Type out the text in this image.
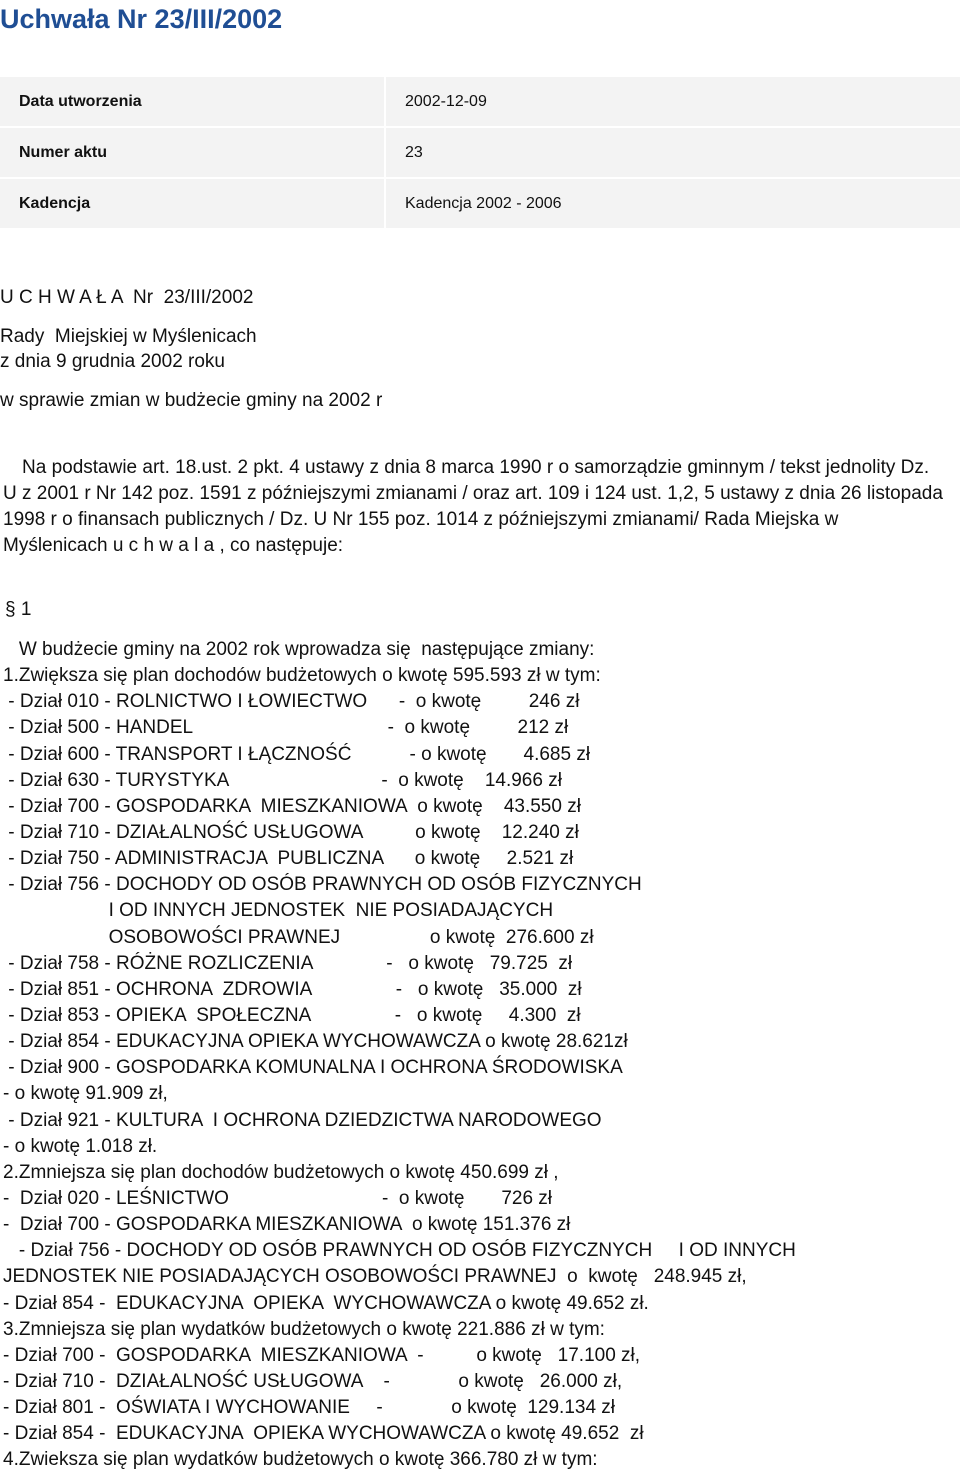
Uchwała Nr 23/III/2002
Data utworzenia	2002-12-09
Numer aktu	23
Kadencja	Kadencja 2002 - 2006
U C H W A Ł A  Nr  23/III/2002
Rady  Miejskiej w Myślenicach
z dnia 9 grudnia 2002 roku
w sprawie zmian w budżecie gminy na 2002 r
Na podstawie art. 18.ust. 2 pkt. 4 ustawy z dnia 8 marca 1990 r o samorządzie gminnym / tekst jednolity Dz. U z 2001 r Nr 142 poz. 1591 z późniejszymi zmianami / oraz art. 109 i 124 ust. 1,2, 5 ustawy z dnia 26 listopada 1998 r o finansach publicznych / Dz. U Nr 155 poz. 1014 z późniejszymi zmianami/ Rada Miejska w Myślenicach u c h w a l a , co następuje:
§ 1
W budżecie gminy na 2002 rok wprowadza się  następujące zmiany:
1.Zwiększa się plan dochodów budżetowych o kwotę 595.593 zł w tym:
- Dział 010 - ROLNICTWO I ŁOWIECTWO      -  o kwotę         246 zł
- Dział 500 - HANDEL                                     -  o kwotę         212 zł
- Dział 600 - TRANSPORT I ŁĄCZNOŚĆ           - o kwotę       4.685 zł
- Dział 630 - TURYSTYKA                             -  o kwotę    14.966 zł
- Dział 700 - GOSPODARKA  MIESZKANIOWA  o kwotę    43.550 zł
- Dział 710 - DZIAŁALNOŚĆ USŁUGOWA          o kwotę    12.240 zł
- Dział 750 - ADMINISTRACJA  PUBLICZNA      o kwotę     2.521 zł
- Dział 756 - DOCHODY OD OSÓB PRAWNYCH OD OSÓB FIZYCZNYCH
I OD INNYCH JEDNOSTEK  NIE POSIADAJĄCYCH
OSOBOWOŚCI PRAWNEJ                 o kwotę  276.600 zł
- Dział 758 - RÓŻNE ROZLICZENIA              -   o kwotę   79.725  zł
- Dział 851 - OCHRONA  ZDROWIA                -   o kwotę   35.000  zł
- Dział 853 - OPIEKA  SPOŁECZNA                -   o kwotę     4.300  zł
- Dział 854 - EDUKACYJNA OPIEKA WYCHOWAWCZA o kwotę 28.621zł
- Dział 900 - GOSPODARKA KOMUNALNA I OCHRONA ŚRODOWISKA
- o kwotę 91.909 zł,
- Dział 921 - KULTURA  I OCHRONA DZIEDZICTWA NARODOWEGO
- o kwotę 1.018 zł.
2.Zmniejsza się plan dochodów budżetowych o kwotę 450.699 zł ,
-  Dział 020 - LEŚNICTWO                             -  o kwotę       726 zł
-  Dział 700 - GOSPODARKA MIESZKANIOWA  o kwotę 151.376 zł
- Dział 756 - DOCHODY OD OSÓB PRAWNYCH OD OSÓB FIZYCZNYCH     I OD INNYCH
JEDNOSTEK NIE POSIADAJĄCYCH OSOBOWOŚCI PRAWNEJ  o  kwotę   248.945 zł,
- Dział 854 -  EDUKACYJNA  OPIEKA  WYCHOWAWCZA o kwotę 49.652 zł.
3.Zmniejsza się plan wydatków budżetowych o kwotę 221.886 zł w tym:
- Dział 700 -  GOSPODARKA  MIESZKANIOWA  -          o kwotę   17.100 zł,
- Dział 710 -  DZIAŁALNOŚĆ USŁUGOWA    -             o kwotę   26.000 zł,
- Dział 801 -  OŚWIATA I WYCHOWANIE     -             o kwotę  129.134 zł
- Dział 854 -  EDUKACYJNA  OPIEKA WYCHOWAWCZA o kwotę 49.652  zł
4.Zwieksza się plan wydatków budżetowych o kwotę 366.780 zł w tym:
